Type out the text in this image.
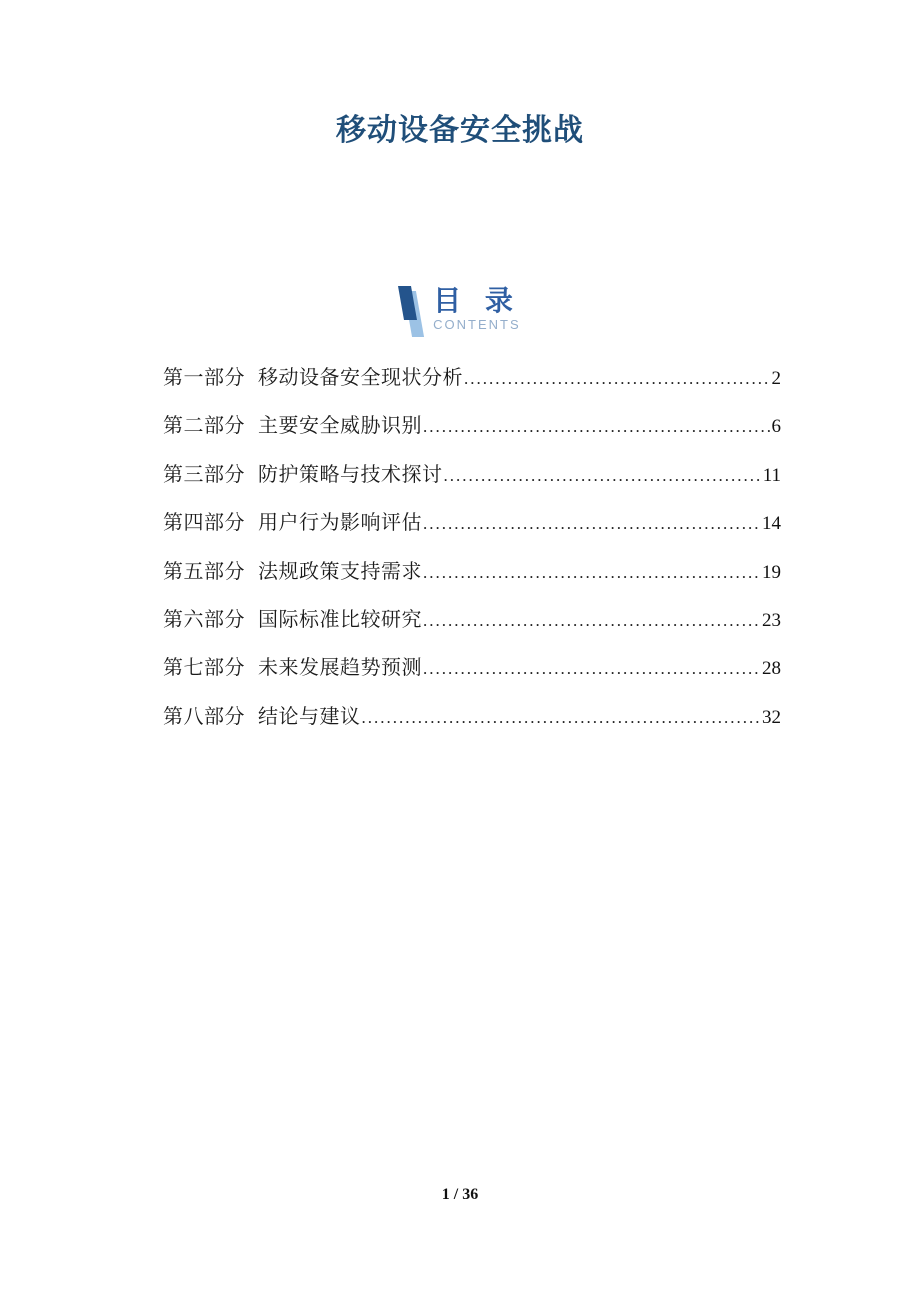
移动设备安全挑战
目 录
CONTENTS
第一部分 移动设备安全现状分析 .....	2
第二部分 主要安全威胁识别 .....	6
第三部分 防护策略与技术探讨 .....	11
第四部分 用户行为影响评估 .....	14
第五部分 法规政策支持需求 .....	19
第六部分 国际标准比较研究 .....	23
第七部分 未来发展趋势预测 .....	28
第八部分 结论与建议 .....	32
1 / 36
